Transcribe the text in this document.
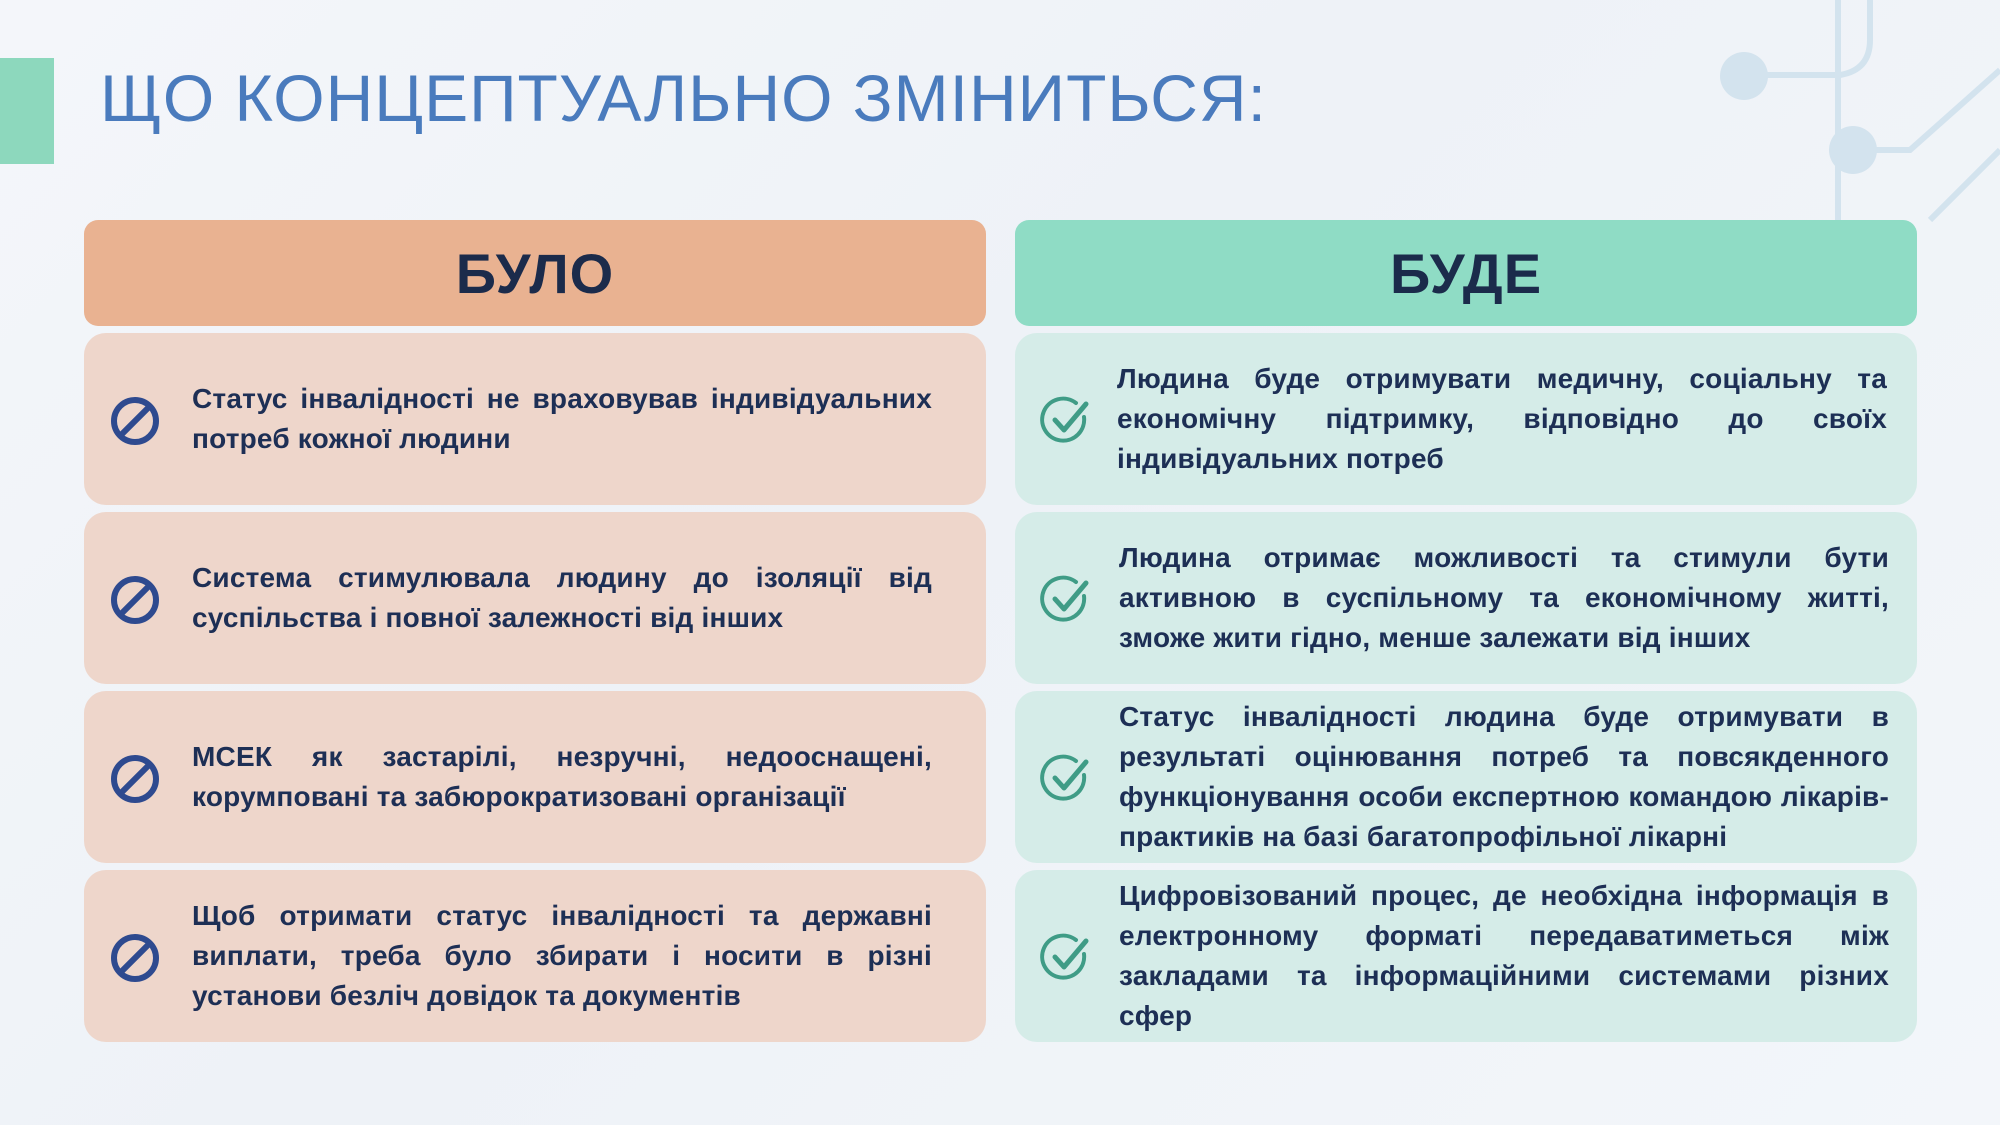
ЩО КОНЦЕПТУАЛЬНО ЗМІНИТЬСЯ:
БУЛО
Статус інвалідності не враховував індивідуальних потреб кожної людини
Система стимулювала людину до ізоляції від суспільства і повної залежності від інших
МСЕК як застарілі, незручні, недооснащені, корумповані та забюрократизовані організації
Щоб отримати статус інвалідності та державні виплати, треба було збирати і носити в різні установи безліч довідок та документів
БУДЕ
Людина буде отримувати медичну, соціальну та економічну підтримку, відповідно до своїх індивідуальних потреб
Людина отримає можливості та стимули бути активною в суспільному та економічному житті, зможе жити гідно, менше залежати від інших
Статус інвалідності людина буде отримувати в результаті оцінювання потреб та повсякденного функціонування особи експертною командою лікарів-практиків на базі багатопрофільної лікарні
Цифровізований процес, де необхідна інформація в електронному форматі передаватиметься між закладами та інформаційними системами різних сфер
